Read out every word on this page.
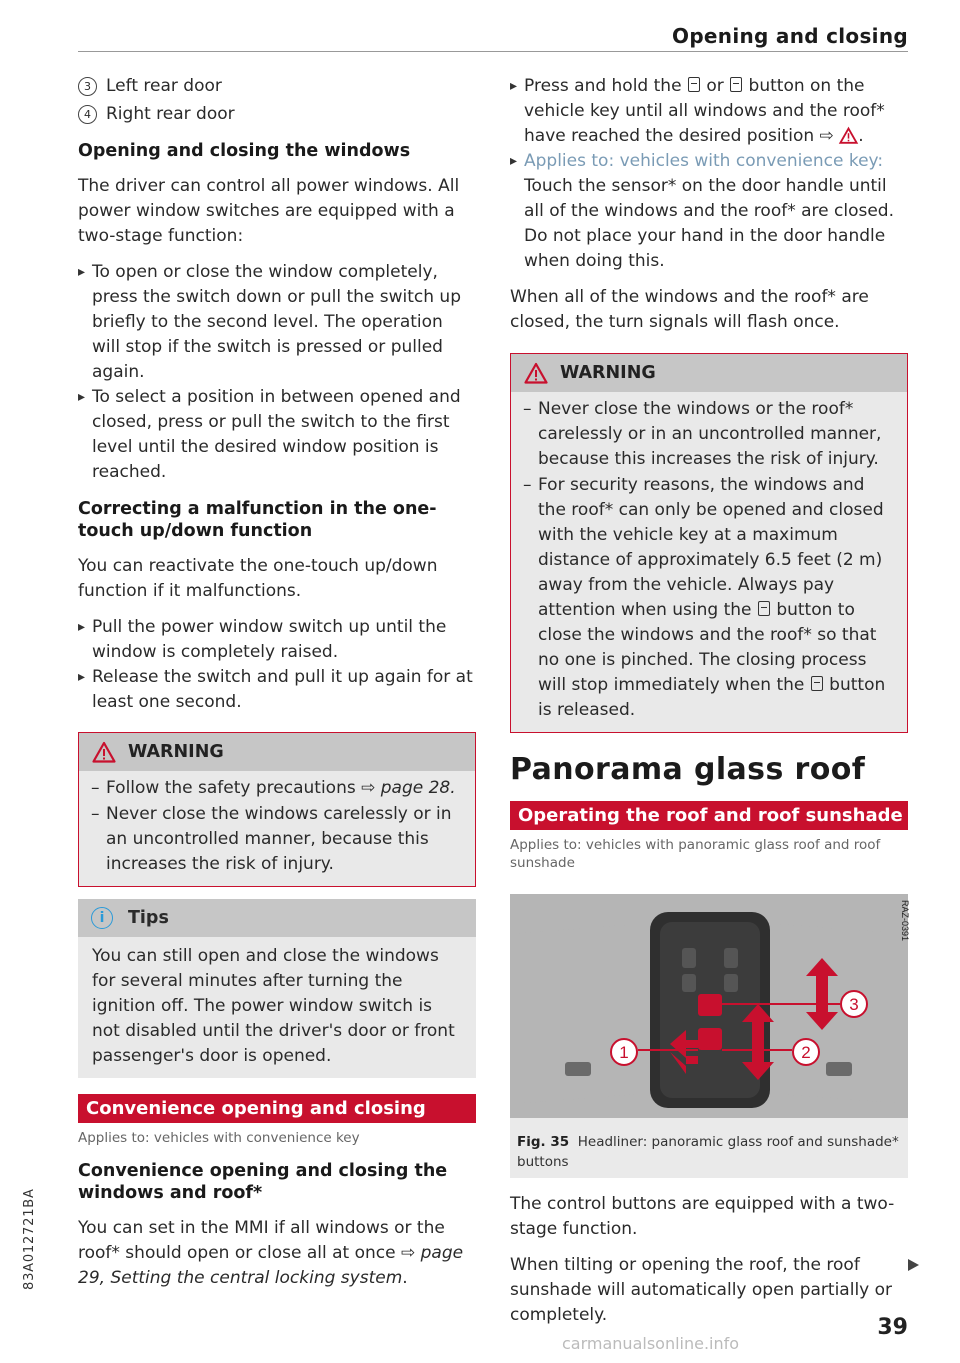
Opening and closing
3 Left rear door
4 Right rear door
Opening and closing the windows

The driver can control all power windows. All power window switches are equipped with a two-stage function:

▸ To open or close the window completely, press the switch down or pull the switch up briefly to the second level. The operation will stop if the switch is pressed or pulled again.
▸ To select a position in between opened and closed, press or pull the switch to the first level until the desired window position is reached.
Correcting a malfunction in the one-touch up/down function

You can reactivate the one-touch up/down function if it malfunctions.

▸ Pull the power window switch up until the window is completely raised.
▸ Release the switch and pull it up again for at least one second.
WARNING
– Follow the safety precautions ⇨ page 28.
– Never close the windows carelessly or in an uncontrolled manner, because this increases the risk of injury.
i	Tips
You can still open and close the windows for several minutes after turning the ignition off. The power window switch is not disabled until the driver's door or front passenger's door is opened.
Convenience opening and closing
Applies to: vehicles with convenience key
Convenience opening and closing the windows and roof*

You can set in the MMI if all windows or the roof* should open or close all at once ⇨ page 29, Setting the central locking system.

▸ Press and hold the or button on the vehicle key until all windows and the roof* have reached the desired position ⇨ .
▸ Applies to: vehicles with convenience key:
Touch the sensor* on the door handle until all of the windows and the roof* are closed. Do not place your hand in the door handle when doing this.

When all of the windows and the roof* are closed, the turn signals will flash once.

WARNING
– Never close the windows or the roof* carelessly or in an uncontrolled manner, because this increases the risk of injury.
– For security reasons, the windows and the roof* can only be opened and closed with the vehicle key at a maximum distance of approximately 6.5 feet (2 m) away from the vehicle. Always pay attention when using the button to close the windows and the roof* so that no one is pinched. The closing process will stop immediately when the button is released.
Panorama glass roof
Operating the roof and roof sunshade
Applies to: vehicles with panoramic glass roof and roof sunshade
1	2
3
RAZ-0391
Fig. 35 Headliner: panoramic glass roof and sunshade* buttons

The control buttons are equipped with a two-stage function.

When tilting or opening the roof, the roof sunshade will automatically open partially or completely.

83A012721BA
39
carmanualsonline.info
